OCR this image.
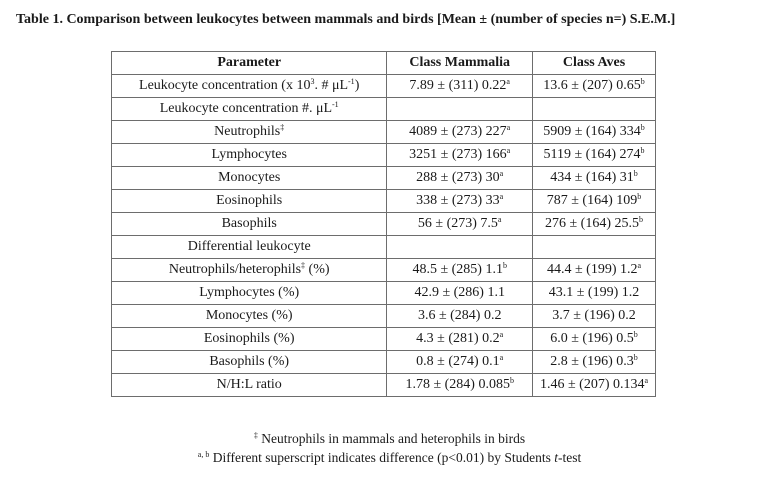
Table 1. Comparison between leukocytes between mammals and birds [Mean ± (number of species n=) S.E.M.]
Parameter	Class Mammalia	Class Aves
Leukocyte concentration (x $10^3$. # $\mu L^{-1}$)	7.89 ± (311) 0.22$^a$	13.6 ± (207) 0.65$^b$
Leukocyte concentration #. $\mu L^{-1}$		
Neutrophils‡	4089 ± (273) 227$^a$	5909 ± (164) 334$^b$
Lymphocytes	3251 ± (273) 166$^a$	5119 ± (164) 274$^b$
Monocytes	288 ± (273) 30$^a$	434 ± (164) 31$^b$
Eosinophils	338 ± (273) 33$^a$	787 ± (164) 109$^b$
Basophils	56 ± (273) 7.5$^a$	276 ± (164) 25.5$^b$
Differential leukocyte		
Neutrophils/heterophils‡ (%)	48.5 ± (285) 1.1$^b$	44.4 ± (199) 1.2$^a$
Lymphocytes (%)	42.9 ± (286) 1.1	43.1 ± (199) 1.2
Monocytes (%)	3.6 ± (284) 0.2	3.7 ± (196) 0.2
Eosinophils (%)	4.3 ± (281) 0.2$^a$	6.0 ± (196) 0.5$^b$
Basophils (%)	0.8 ± (274) 0.1$^a$	2.8 ± (196) 0.3$^b$
N/H:L ratio	1.78 ± (284) 0.085$^b$	1.46 ± (207) 0.134$^a$
‡ Neutrophils in mammals and heterophils in birds
$^{a, b}$ Different superscript indicates difference (p<0.01) by Students t-test
